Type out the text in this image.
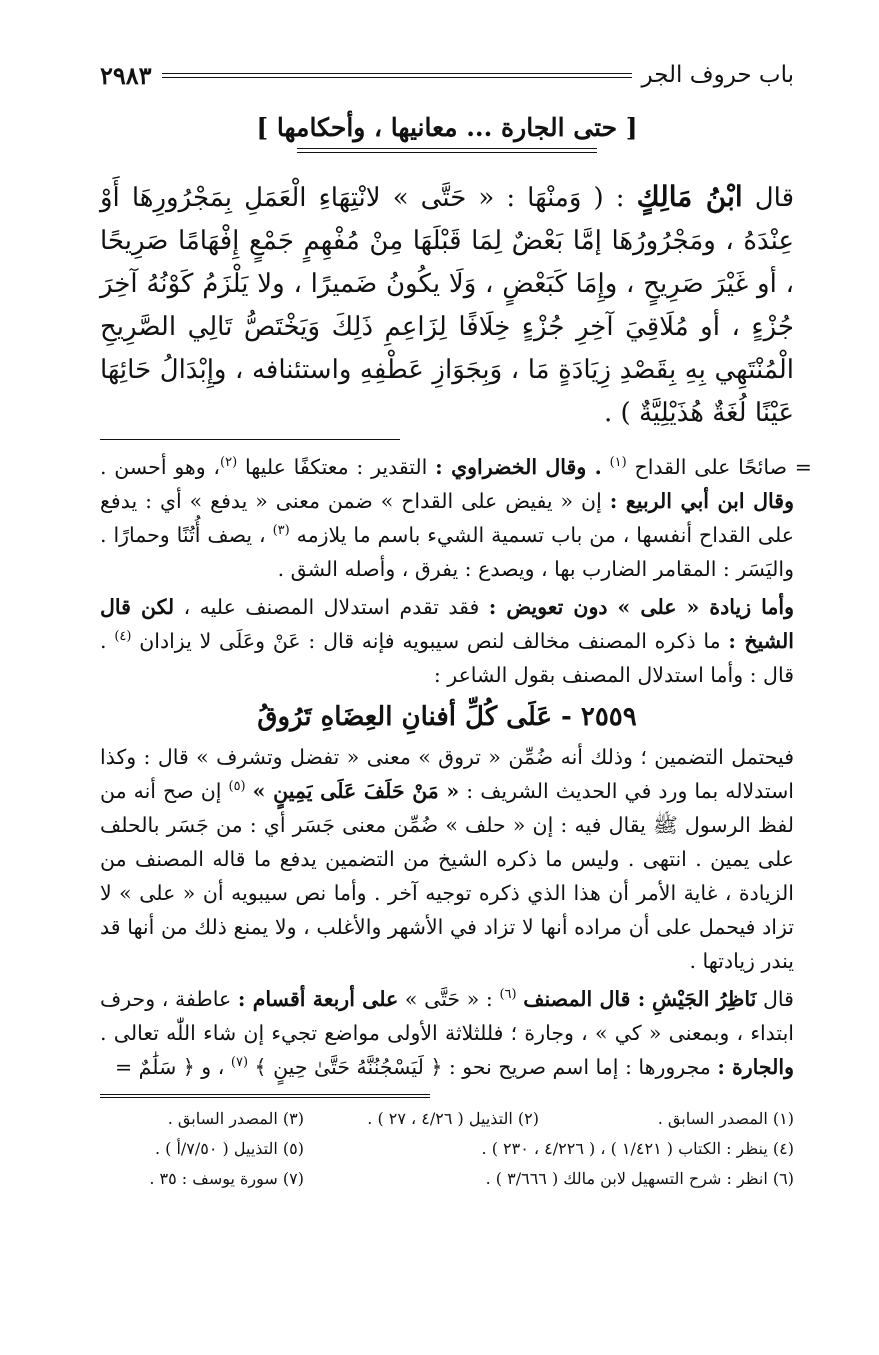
باب حروف الجر
٢٩٨٣
[ حتى الجارة ... معانيها ، وأحكامها ]
قال ابْنُ مَالِكٍ : ( وَمنْهَا : « حَتَّى » لانْتِهَاءِ الْعَمَلِ بِمَجْرُورِهَا أَوْ عِنْدَهُ ، ومَجْرُورُهَا إمَّا بَعْضٌ لِمَا قَبْلَهَا مِنْ مُفْهِمٍ جَمْعٍ إِفْهَامًا صَرِيحًا ، أو غَيْرَ صَرِيحٍ ، وإِمَا كَبَعْضٍ ، وَلَا يكُونُ ضَميرًا ، ولا يَلْزَمُ كَوْنُهُ آخِرَ جُزْءٍ ، أو مُلَاقِيَ آخِرِ جُزْءٍ خِلَافًا لِزَاعِمِ ذَلِكَ وَيَخْتَصُّ تَالِي الصَّرِيحِ الْمُنْتَهِي بِهِ بِقَصْدِ زِيَادَةٍ مَا ، وَبِجَوَازِ عَطْفِهِ واستئنافه ، وإِبْدَالُ حَائِهَا عَيْنًا لُغَةٌ هُذَيْلِيَّةٌ ) .

= صائحًا على القداح $^{(١)}$ . وقال الخضراوي : التقدير : معتكفًا عليها $^{(٢)}$، وهو أحسن . وقال ابن أبي الربيع : إن « يفيض على القداح » ضمن معنى « يدفع » أي : يدفع على القداح أنفسها ، من باب تسمية الشيء باسم ما يلازمه $^{(٣)}$ ، يصف أُتُنًا وحمارًا . واليَسَر : المقامر الضارب بها ، ويصدع : يفرق ، وأصله الشق .

وأما زيادة « على » دون تعويض : فقد تقدم استدلال المصنف عليه ، لكن قال الشيخ : ما ذكره المصنف مخالف لنص سيبويه فإنه قال : عَنْ وعَلَى لا يزادان $^{(٤)}$ . قال : وأما استدلال المصنف بقول الشاعر :

٢٥٥٩ - عَلَى كُلِّ أفنانِ العِضَاهِ تَرُوقُ

فيحتمل التضمين ؛ وذلك أنه ضُمِّن « تروق » معنى « تفضل وتشرف » قال : وكذا استدلاله بما ورد في الحديث الشريف : « مَنْ حَلَفَ عَلَى يَمِينٍ » $^{(٥)}$ إن صح أنه من لفظ الرسول ﷺ يقال فيه : إن « حلف » ضُمِّن معنى جَسَر أي : من جَسَر بالحلف على يمين . انتهى . وليس ما ذكره الشيخ من التضمين يدفع ما قاله المصنف من الزيادة ، غاية الأمر أن هذا الذي ذكره توجيه آخر . وأما نص سيبويه أن « على » لا تزاد فيحمل على أن مراده أنها لا تزاد في الأشهر والأغلب ، ولا يمنع ذلك من أنها قد يندر زيادتها .

قال نَاظِرُ الجَيْشِ : قال المصنف $^{(٦)}$ : « حَتَّى » على أربعة أقسام : عاطفة ، وحرف ابتداء ، وبمعنى « كي » ، وجارة ؛ فللثلاثة الأولى مواضع تجيء إن شاء اللّٰه تعالى . والجارة : مجرورها : إما اسم صريح نحو : ﴿ لَيَسْجُنُنَّهُ حَتَّىٰ حِينٍ ﴾ $^{(٧)}$ ، و ﴿ سَلَٰمٌ =

(١) المصدر السابق .
(٢) التذييل ( ٤/٢٦ ، ٢٧ ) .
(٣) المصدر السابق .
(٤) ينظر : الكتاب ( ١/٤٢١ ) ، ( ٤/٢٢٦ ، ٢٣٠ ) .
(٥) التذييل ( ٧/٥٠/أ ) .
(٦) انظر : شرح التسهيل لابن مالك ( ٣/٦٦٦ ) .
(٧) سورة يوسف : ٣٥ .
